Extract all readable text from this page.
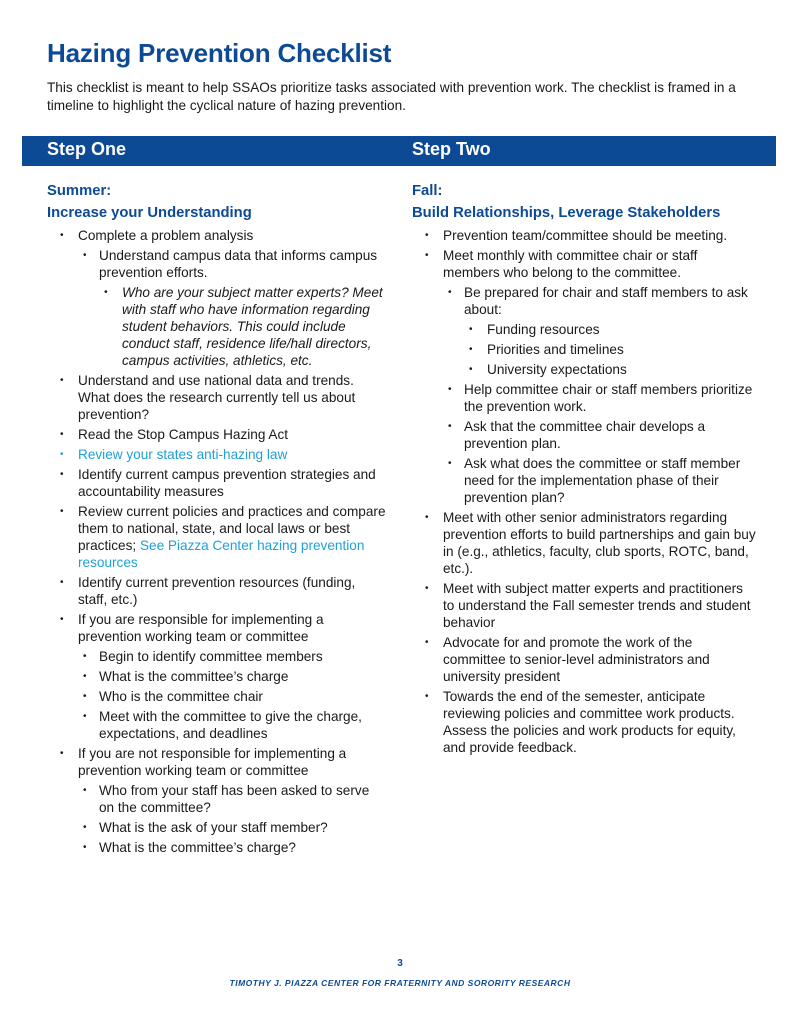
Hazing Prevention Checklist

This checklist is meant to help SSAOs prioritize tasks associated with prevention work. The checklist is framed in a timeline to highlight the cyclical nature of hazing prevention.

Step One	Step Two
Summer:
Increase your Understanding
• Complete a problem analysis
• Understand campus data that informs campus prevention efforts.
• Who are your subject matter experts? Meet with staff who have information regarding student behaviors. This could include conduct staff, residence life/hall directors, campus activities, athletics, etc.
• Understand and use national data and trends. What does the research currently tell us about prevention?
• Read the Stop Campus Hazing Act
• Review your states anti-hazing law
• Identify current campus prevention strategies and accountability measures
• Review current policies and practices and compare them to national, state, and local laws or best practices; See Piazza Center hazing prevention resources
• Identify current prevention resources (funding, staff, etc.)
• If you are responsible for implementing a prevention working team or committee
• Begin to identify committee members
• What is the committee’s charge
• Who is the committee chair
• Meet with the committee to give the charge, expectations, and deadlines
• If you are not responsible for implementing a prevention working team or committee
• Who from your staff has been asked to serve on the committee?
• What is the ask of your staff member?
• What is the committee’s charge?
Fall:
Build Relationships, Leverage Stakeholders
• Prevention team/committee should be meeting.
• Meet monthly with committee chair or staff members who belong to the committee.
• Be prepared for chair and staff members to ask about:
• Funding resources
• Priorities and timelines
• University expectations
• Help committee chair or staff members prioritize the prevention work.
• Ask that the committee chair develops a prevention plan.
• Ask what does the committee or staff member need for the implementation phase of their prevention plan?
• Meet with other senior administrators regarding prevention efforts to build partnerships and gain buy in (e.g., athletics, faculty, club sports, ROTC, band, etc.).
• Meet with subject matter experts and practitioners to understand the Fall semester trends and student behavior
• Advocate for and promote the work of the committee to senior-level administrators and university president
• Towards the end of the semester, anticipate reviewing policies and committee work products. Assess the policies and work products for equity, and provide feedback.
3
TIMOTHY J. PIAZZA CENTER FOR FRATERNITY AND SORORITY RESEARCH
